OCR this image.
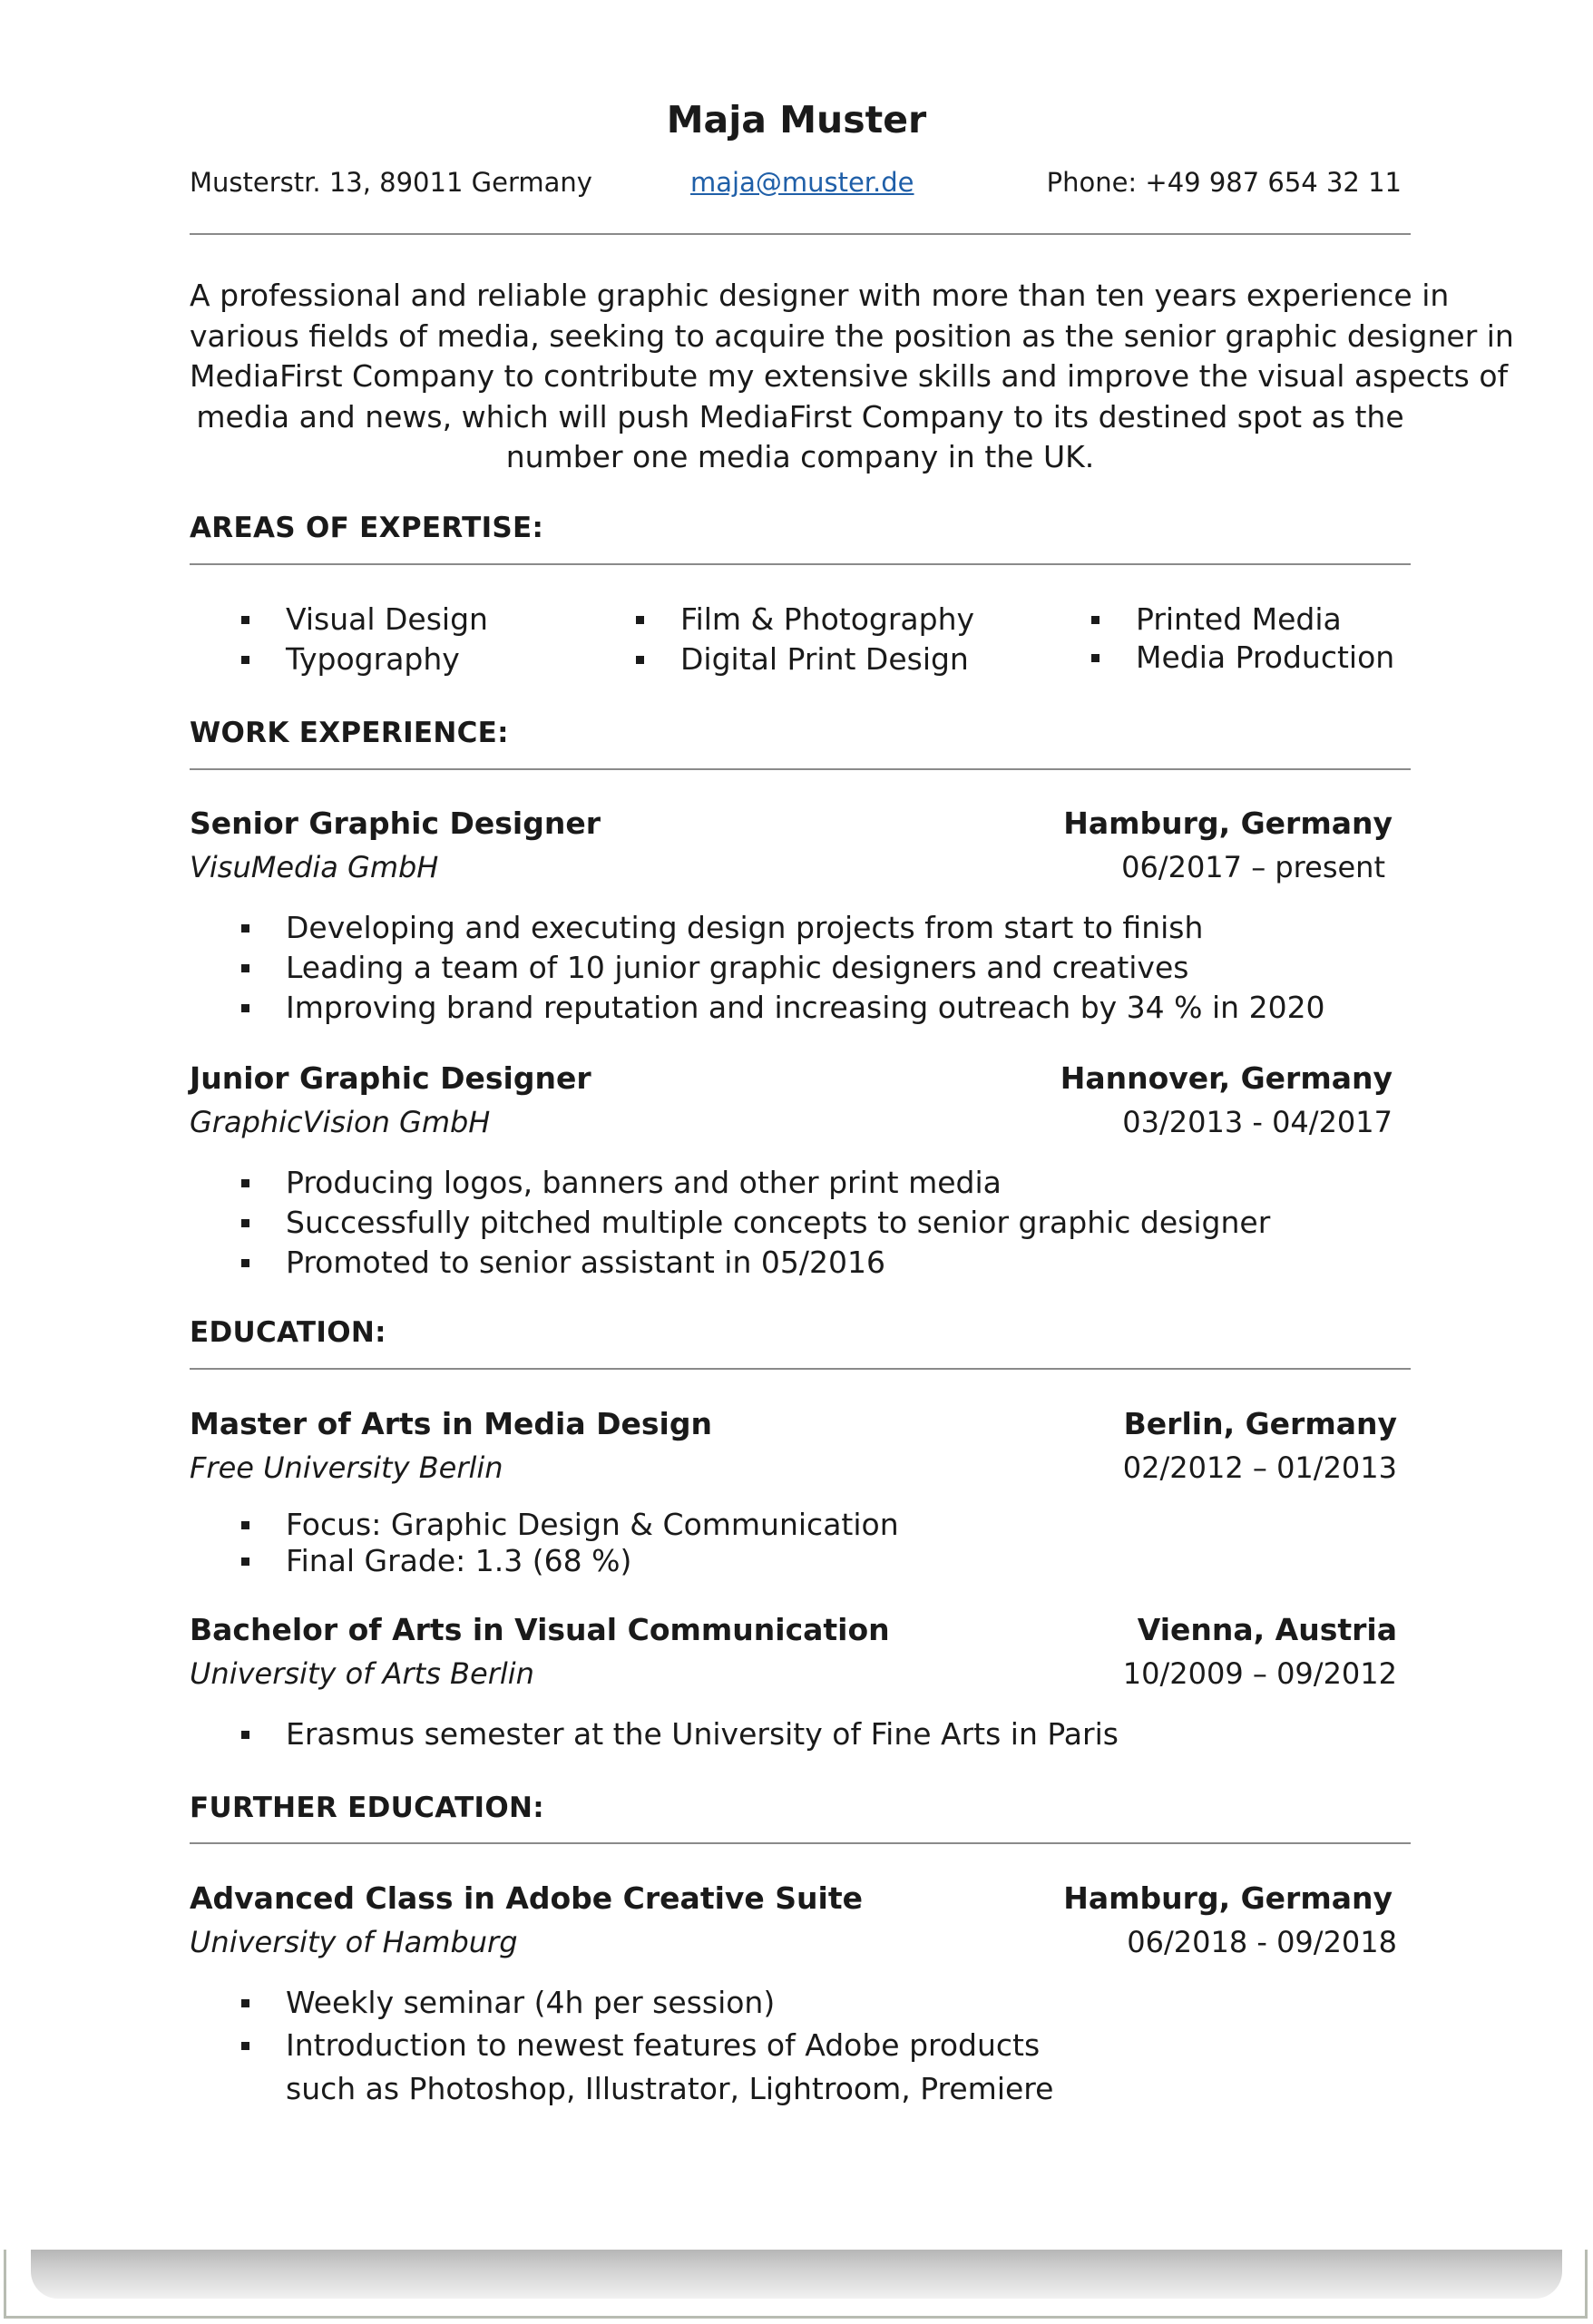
Maja Muster
Musterstr. 13, 89011 Germany	maja@muster.de	Phone: +49 987 654 32 11
A professional and reliable graphic designer with more than ten years experience in
various fields of media, seeking to acquire the position as the senior graphic designer in
MediaFirst Company to contribute my extensive skills and improve the visual aspects of
media and news, which will push MediaFirst Company to its destined spot as the
number one media company in the UK.
AREAS OF EXPERTISE:
Visual Design
Typography
Film & Photography
Digital Print Design
Printed Media
Media Production
WORK EXPERIENCE:
Senior Graphic Designer	Hamburg, Germany
VisuMedia GmbH	06/2017 – present
Developing and executing design projects from start to finish
Leading a team of 10 junior graphic designers and creatives
Improving brand reputation and increasing outreach by 34 % in 2020
Junior Graphic Designer	Hannover, Germany
GraphicVision GmbH	03/2013 - 04/2017
Producing logos, banners and other print media
Successfully pitched multiple concepts to senior graphic designer
Promoted to senior assistant in 05/2016
EDUCATION:
Master of Arts in Media Design	Berlin, Germany
Free University Berlin	02/2012 – 01/2013
Focus: Graphic Design & Communication
Final Grade: 1.3 (68 %)
Bachelor of Arts in Visual Communication	Vienna, Austria
University of Arts Berlin	10/2009 – 09/2012
Erasmus semester at the University of Fine Arts in Paris
FURTHER EDUCATION:
Advanced Class in Adobe Creative Suite	Hamburg, Germany
University of Hamburg	06/2018 - 09/2018
Weekly seminar (4h per session)
Introduction to newest features of Adobe products
such as Photoshop, Illustrator, Lightroom, Premiere
